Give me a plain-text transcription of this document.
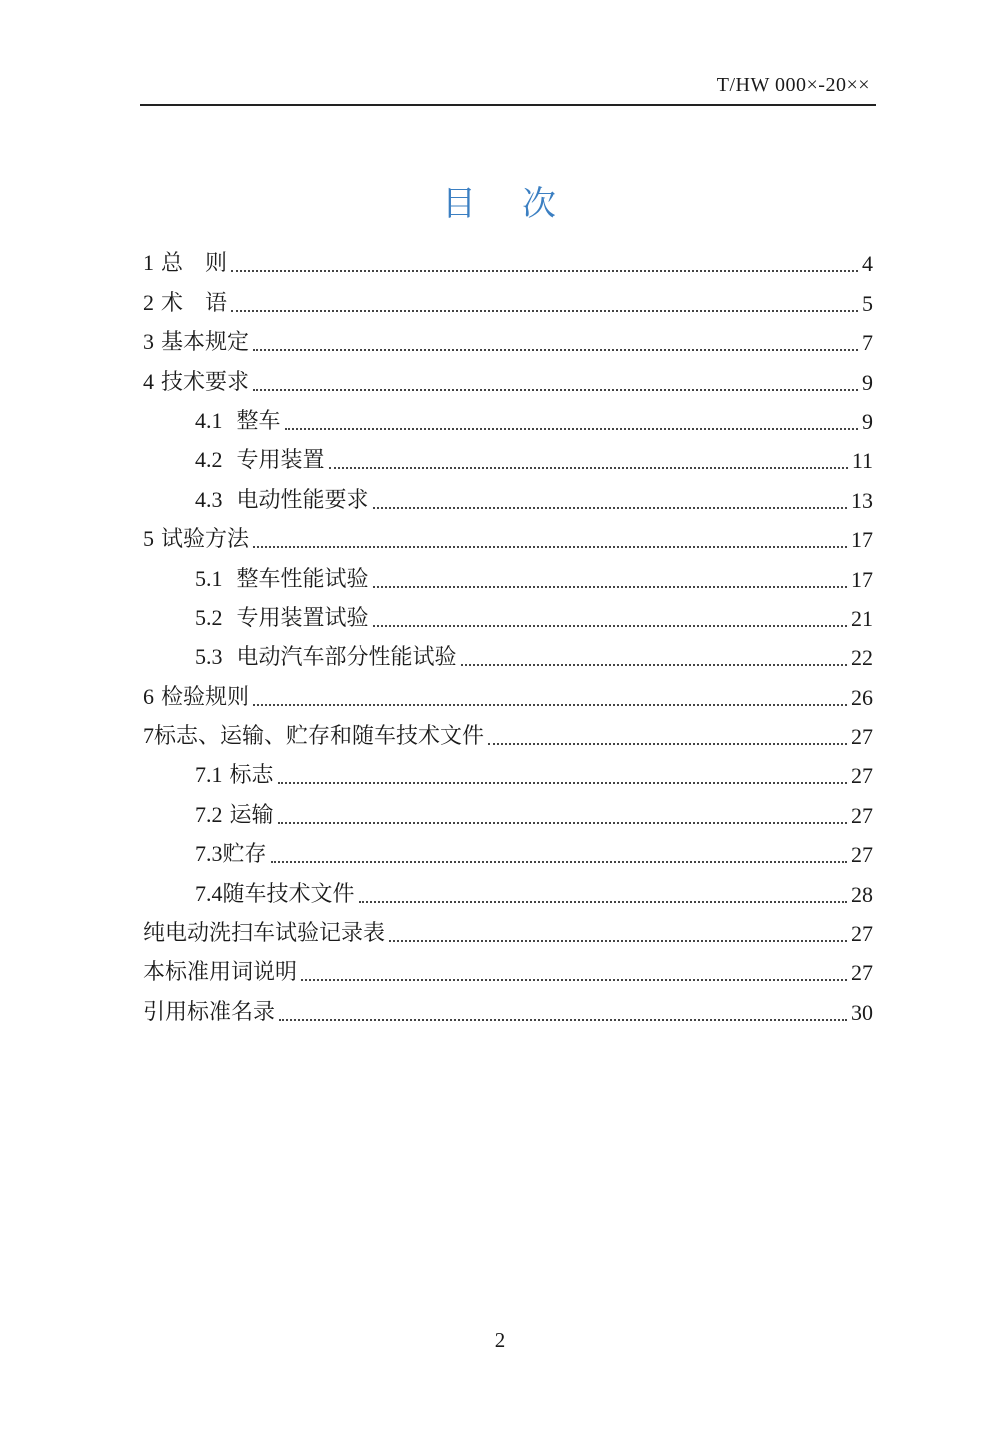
T/HW 000×-20××
目 次
1 总　则	4
2 术　语	5
3 基本规定	7
4 技术要求	9
4.1 整车	9
4.2 专用装置	11
4.3 电动性能要求	13
5 试验方法	17
5.1 整车性能试验	17
5.2 专用装置试验	21
5.3 电动汽车部分性能试验	22
6 检验规则	26
7标志、运输、贮存和随车技术文件	27
7.1 标志	27
7.2 运输	27
7.3贮存	27
7.4随车技术文件	28
纯电动洗扫车试验记录表	27
本标准用词说明	27
引用标准名录	30
2
